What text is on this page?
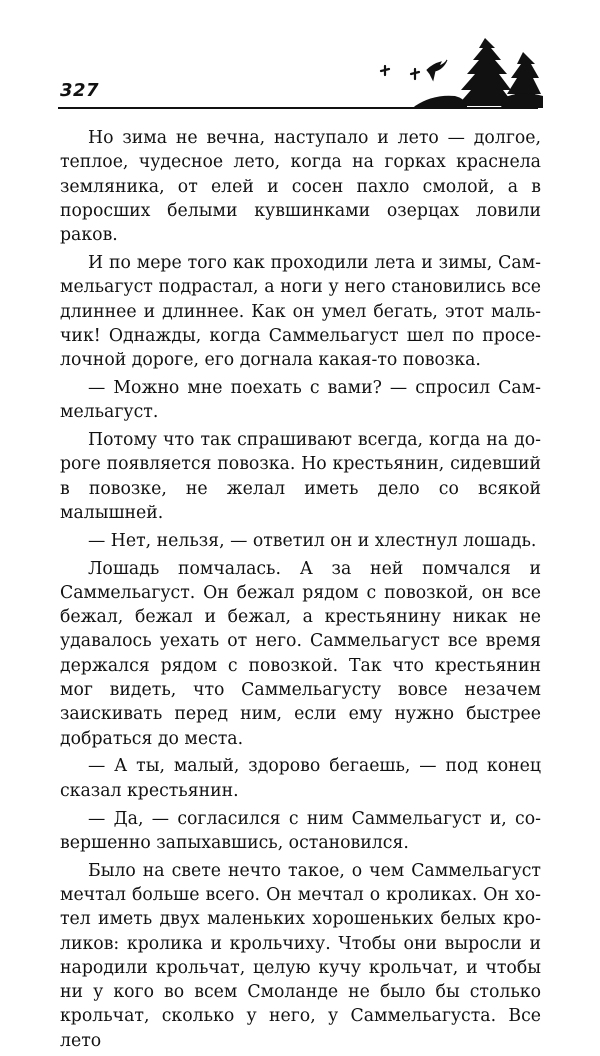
327

Но зима не вечна, наступало и лето — долгое, теплое, чудесное лето, когда на горках краснела земляника, от елей и сосен пахло смолой, а в поросших белыми кувшинками озерцах ловили раков.

И по мере того как проходили лета и зимы, Саммельагуст подрастал, а ноги у него становились все длиннее и длиннее. Как он умел бегать, этот мальчик! Однажды, когда Саммельагуст шел по проселочной дороге, его догнала какая-то повозка.

— Можно мне поехать с вами? — спросил Саммельагуст.

Потому что так спрашивают всегда, когда на дороге появляется повозка. Но крестьянин, сидевший в повозке, не желал иметь дело со всякой малышней.

— Нет, нельзя, — ответил он и хлестнул лошадь.

Лошадь помчалась. А за ней помчался и Саммельагуст. Он бежал рядом с повозкой, он все бежал, бежал и бежал, а крестьянину никак не удавалось уехать от него. Саммельагуст все время держался рядом с повозкой. Так что крестьянин мог видеть, что Саммельагусту вовсе незачем заискивать перед ним, если ему нужно быстрее добраться до места.

— А ты, малый, здорово бегаешь, — под конец сказал крестьянин.

— Да, — согласился с ним Саммельагуст и, совершенно запыхавшись, остановился.

Было на свете нечто такое, о чем Саммельагуст мечтал больше всего. Он мечтал о кроликах. Он хотел иметь двух маленьких хорошеньких белых кроликов: кролика и крольчиху. Чтобы они выросли и народили крольчат, целую кучу крольчат, и чтобы ни у кого во всем Смоланде не было бы столько крольчат, сколько у него, у Саммельагуста. Все лето
